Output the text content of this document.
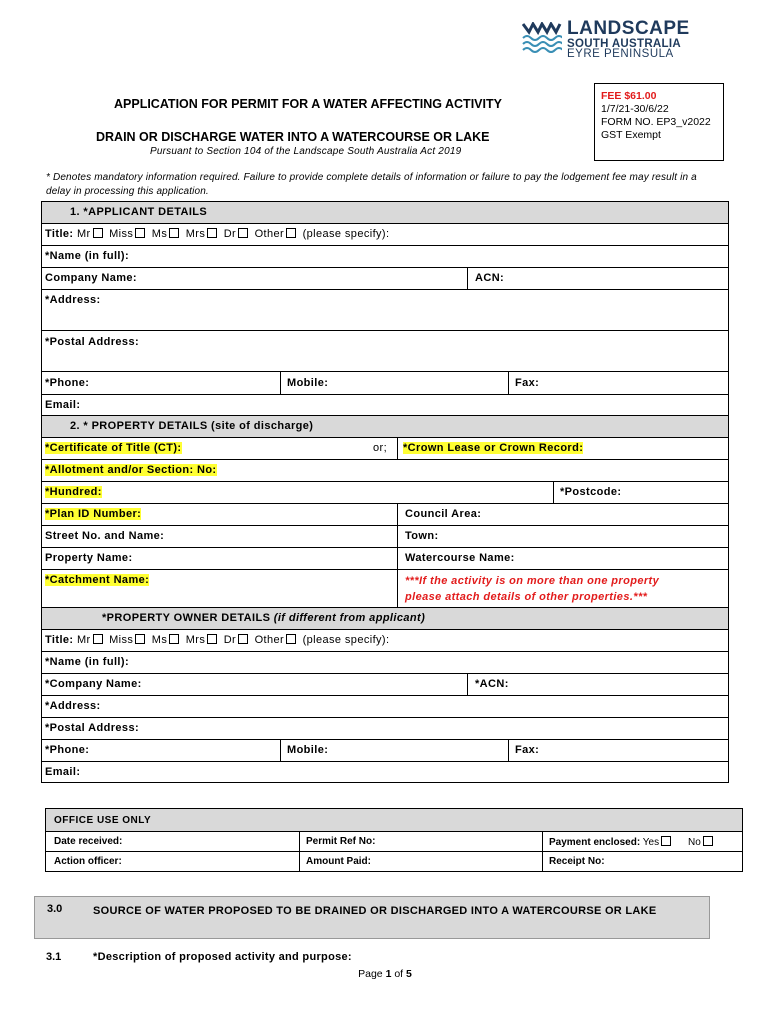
LANDSCAPE
SOUTH AUSTRALIA
EYRE PENINSULA
FEE $61.00
1/7/21-30/6/22
FORM NO. EP3_v2022
GST Exempt
APPLICATION FOR PERMIT FOR A WATER AFFECTING ACTIVITY
DRAIN OR DISCHARGE WATER INTO A WATERCOURSE OR LAKE
Pursuant to Section 104 of the Landscape South Australia Act 2019
* Denotes mandatory information required. Failure to provide complete details of information or failure to pay the lodgement fee may result in a delay in processing this application.
1. *APPLICANT DETAILS
Title: Mr Miss Ms Mrs Dr Other (please specify):
*Name (in full):
Company Name:	ACN:
*Address:
*Postal Address:
*Phone:	Mobile:	Fax:
Email:
2. * PROPERTY DETAILS (site of discharge)
*Certificate of Title (CT):	or;	*Crown Lease or Crown Record:
*Allotment and/or Section: No:
*Hundred:	*Postcode:
*Plan ID Number:	Council Area:
Street No. and Name:	Town:
Property Name:	Watercourse Name:
*Catchment Name:	***If the activity is on more than one property
please attach details of other properties.***
*PROPERTY OWNER DETAILS (if different from applicant)
Title: Mr Miss Ms Mrs Dr Other (please specify):
*Name (in full):
*Company Name:	*ACN:
*Address:
*Postal Address:
*Phone:	Mobile:	Fax:
Email:
OFFICE USE ONLY
Date received:	Permit Ref No:	Payment enclosed: Yes	No
Action officer:	Amount Paid:	Receipt No:
3.0	SOURCE OF WATER PROPOSED TO BE DRAINED OR DISCHARGED INTO A WATERCOURSE OR LAKE
3.1	*Description of proposed activity and purpose:
Page 1 of 5
